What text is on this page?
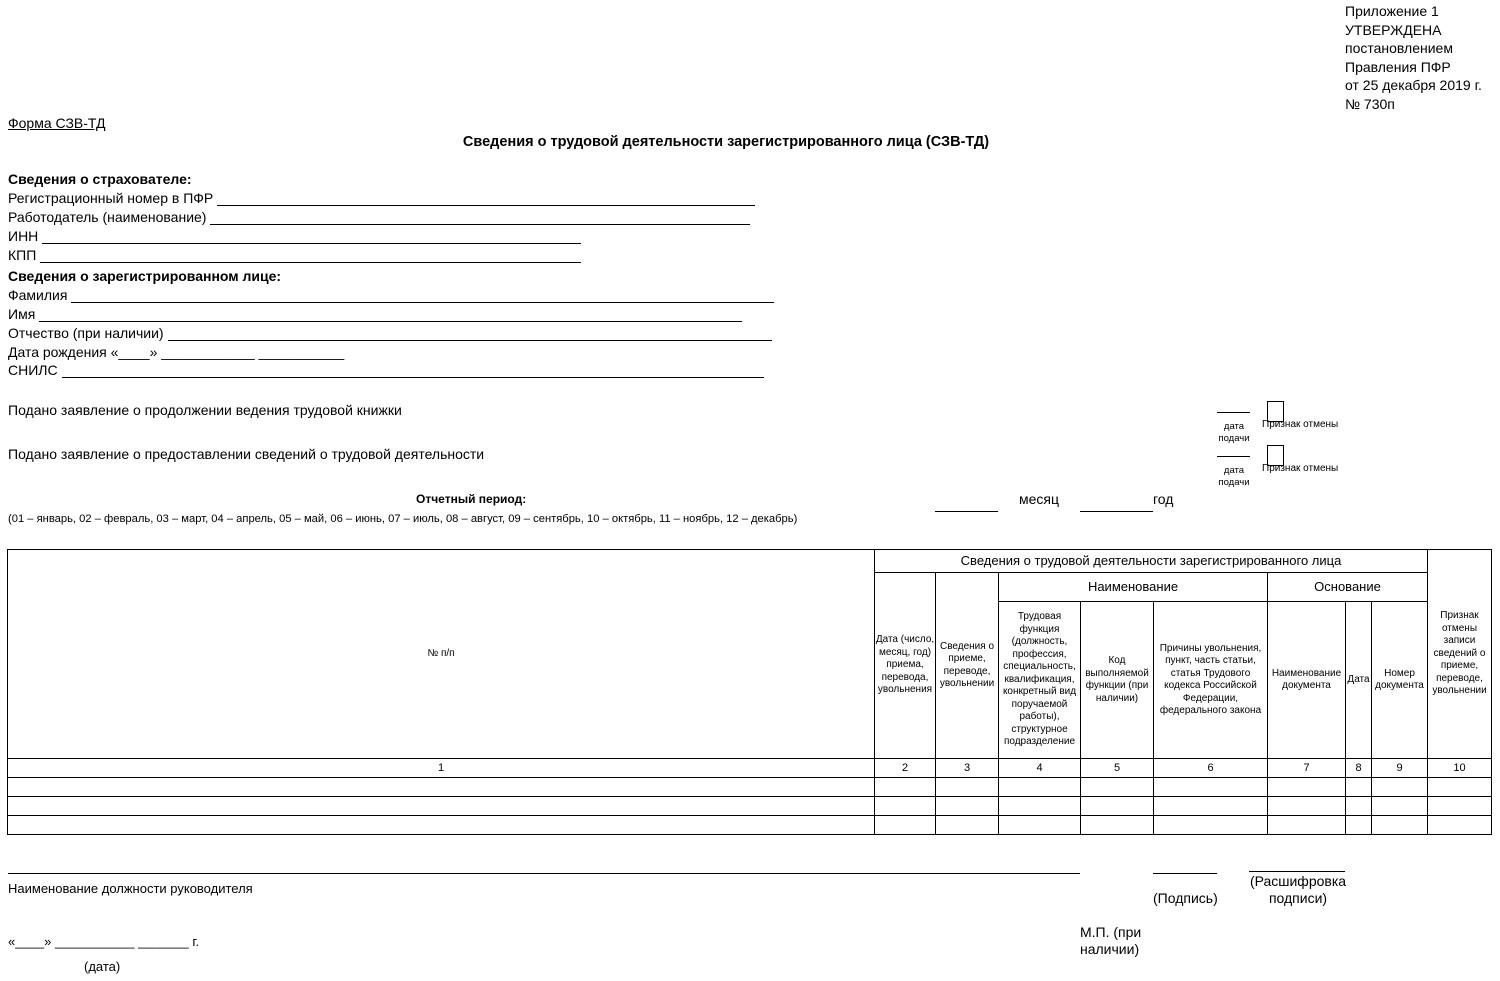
Приложение 1
УТВЕРЖДЕНА
постановлением
Правления ПФР
от 25 декабря 2019 г.
№ 730п
Форма СЗВ-ТД
Сведения о трудовой деятельности зарегистрированного лица (СЗВ-ТД)
Сведения о страхователе:
Регистрационный номер в ПФР
Работодатель (наименование)
ИНН
КПП
Сведения о зарегистрированном лице:
Фамилия
Имя
Отчество (при наличии)
Дата рождения «____» ____________ ___________
СНИЛС
Подано заявление о продолжении ведения трудовой книжки
Подано заявление о предоставлении сведений о трудовой деятельности
дата
подачи
Признак отмены
дата
подачи
Признак отмены
Отчетный период:
(01 – январь, 02 – февраль, 03 – март, 04 – апрель, 05 – май, 06 – июнь, 07 – июль, 08 – август, 09 – сентябрь, 10 – октябрь, 11 – ноябрь, 12 – декабрь)
месяц	год
№ п/п	Сведения о трудовой деятельности зарегистрированного лица								Признак отмены записи сведений о приеме, переводе, увольнении
	Дата (число, месяц, год) приема, перевода, увольнения	Сведения о приеме, переводе, увольнении	Наименование			Основание			
			Трудовая функция (должность, профессия, специальность, квалификация, конкретный вид поручаемой работы), структурное подразделение	Код выполняемой функции (при наличии)	Причины увольнения, пункт, часть статьи, статья Трудового кодекса Российской Федерации, федерального закона	Наименование документа	Дата	Номер документа	
1	2	3	4	5	6	7	8	9	10

Наименование должности руководителя
(Подпись)
(Расшифровка
подписи)
М.П. (при
наличии)
«____» ___________ _______ г.
(дата)
